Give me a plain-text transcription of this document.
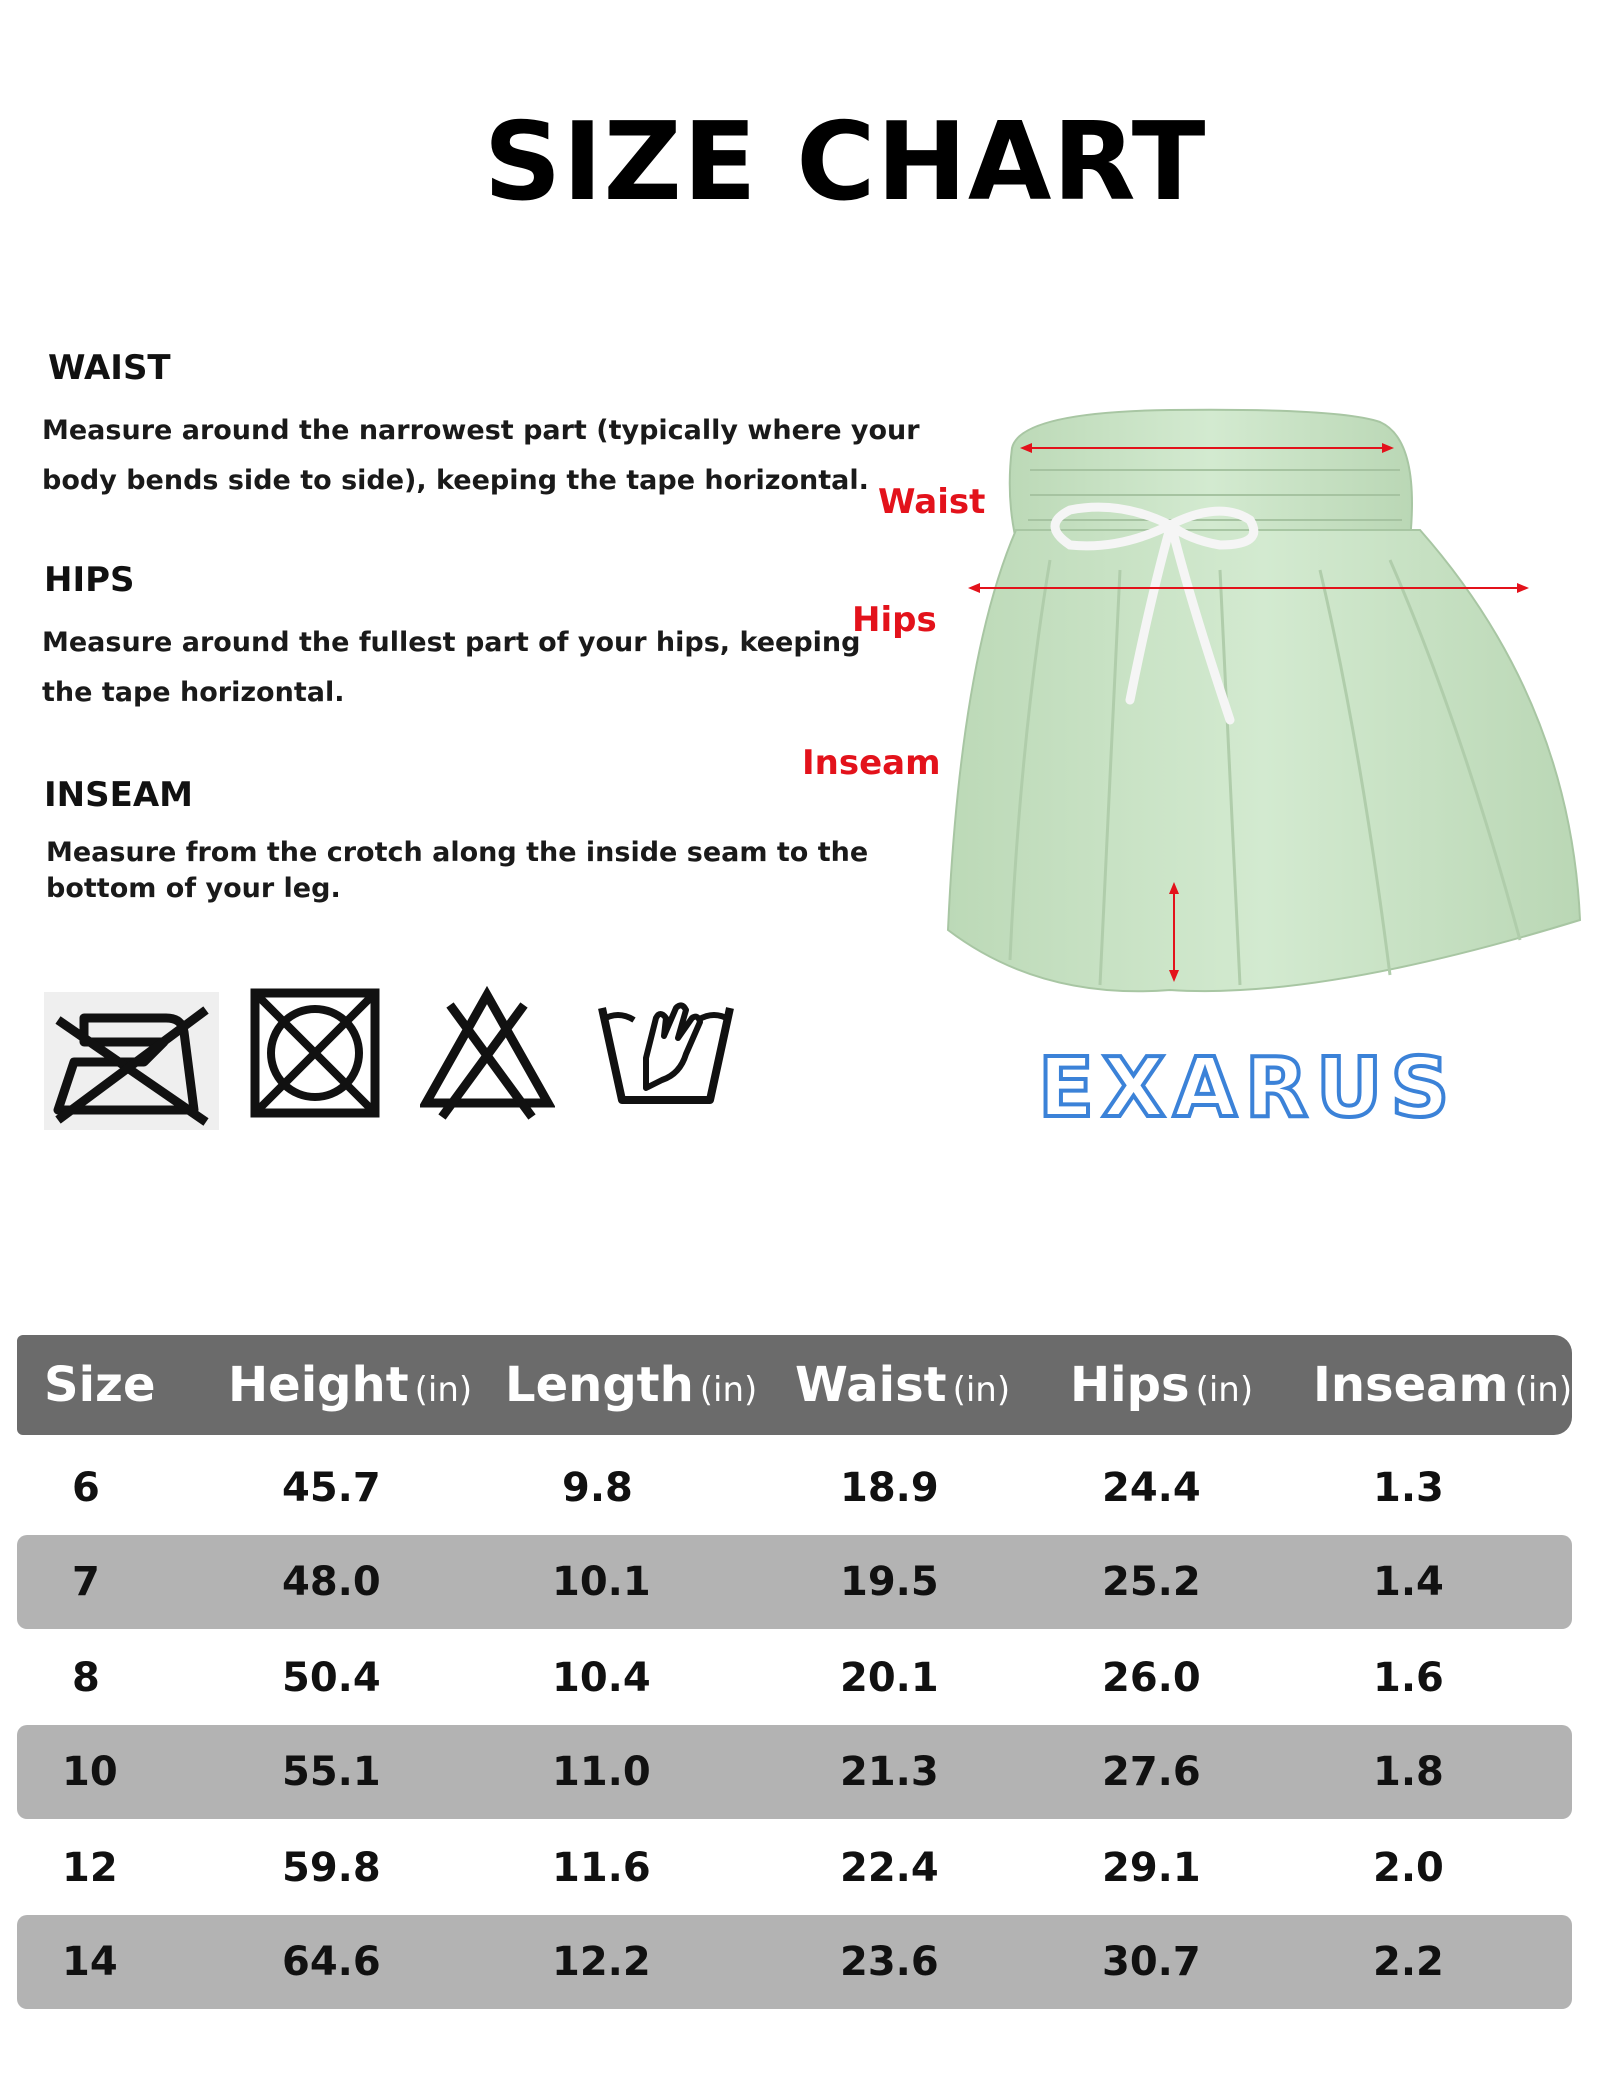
SIZE CHART
WAIST
Measure around the narrowest part (typically where your
body bends side to side), keeping the tape horizontal.
HIPS
Measure around the fullest part of your hips, keeping
the tape horizontal.
INSEAM
Measure from the crotch along the inside seam to the
bottom of your leg.
Waist
Hips
Inseam
EXARUS
Size Height (in) Length (in) Waist (in) Hips (in) Inseam (in)
6	45.7	9.8	18.9	24.4	1.3
7	48.0	10.1	19.5	25.2	1.4
8	50.4	10.4	20.1	26.0	1.6
10	55.1	11.0	21.3	27.6	1.8
12	59.8	11.6	22.4	29.1	2.0
14	64.6	12.2	23.6	30.7	2.2
